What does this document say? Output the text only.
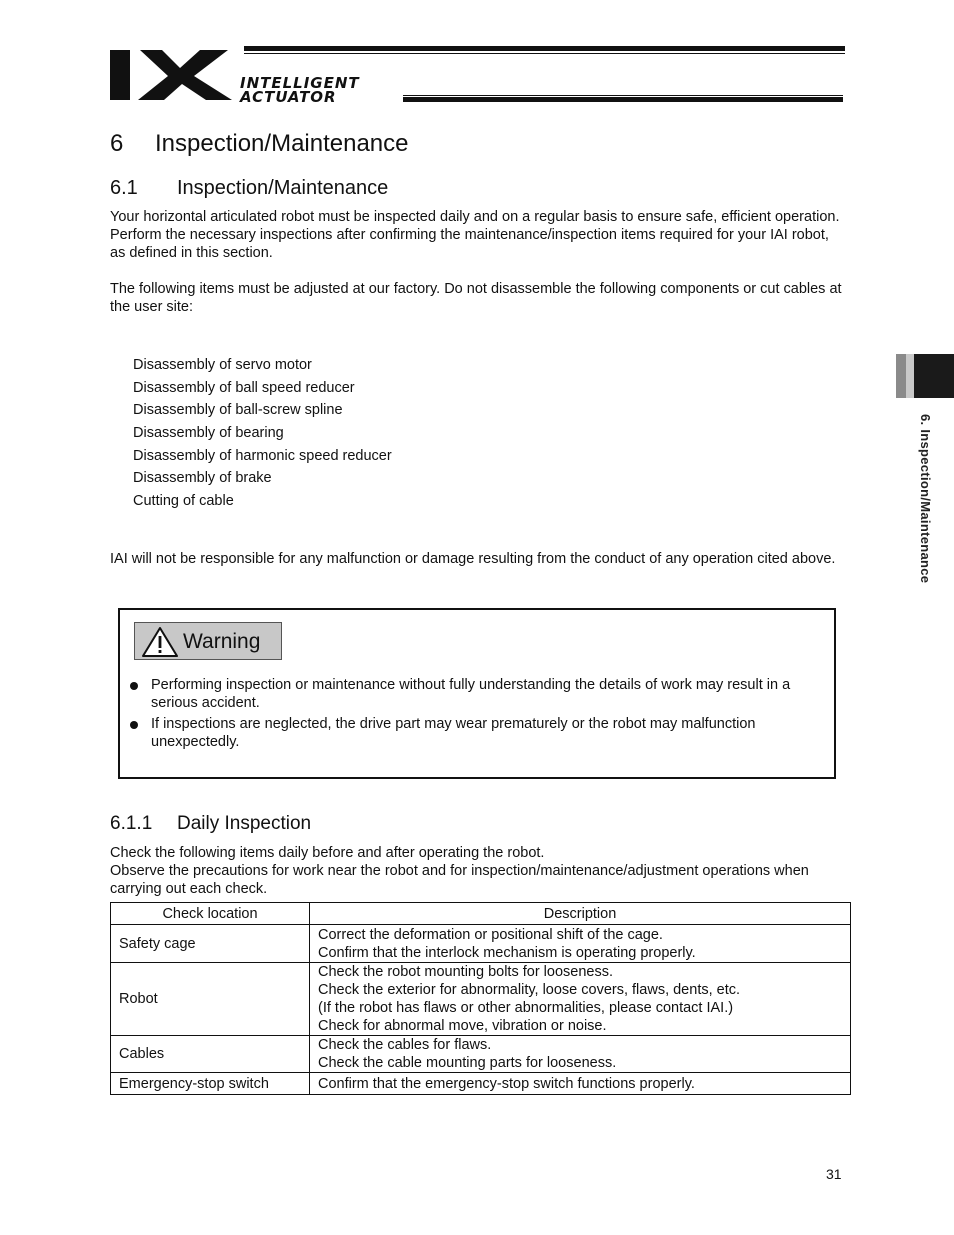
INTELLIGENT
ACTUATOR
6. Inspection/Maintenance
6 Inspection/Maintenance
6.1 Inspection/Maintenance
Your horizontal articulated robot must be inspected daily and on a regular basis to ensure safe, efficient operation. Perform the necessary inspections after confirming the maintenance/inspection items required for your IAI robot, as defined in this section.
The following items must be adjusted at our factory. Do not disassemble the following components or cut cables at the user site:
Disassembly of servo motor
Disassembly of ball speed reducer
Disassembly of ball-screw spline
Disassembly of bearing
Disassembly of harmonic speed reducer
Disassembly of brake
Cutting of cable
IAI will not be responsible for any malfunction or damage resulting from the conduct of any operation cited above.
Warning
Performing inspection or maintenance without fully understanding the details of work may result in a serious accident.
If inspections are neglected, the drive part may wear prematurely or the robot may malfunction unexpectedly.
6.1.1 Daily Inspection
Check the following items daily before and after operating the robot.
Observe the precautions for work near the robot and for inspection/maintenance/adjustment operations when carrying out each check.
Check location	Description
Safety cage	Correct the deformation or positional shift of the cage.
Confirm that the interlock mechanism is operating properly.

Robot	Check the robot mounting bolts for looseness.
Check the exterior for abnormality, loose covers, flaws, dents, etc.
(If the robot has flaws or other abnormalities, please contact IAI.)
Check for abnormal move, vibration or noise.

Cables	Check the cables for flaws.
Check the cable mounting parts for looseness.

Emergency-stop switch	Confirm that the emergency-stop switch functions properly.
31
